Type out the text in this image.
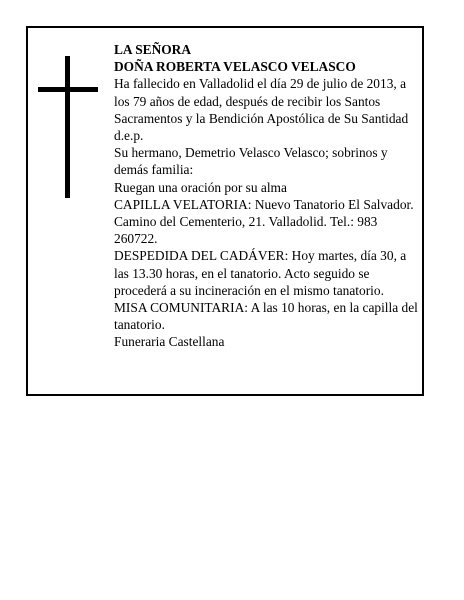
LA SEÑORA

DOÑA ROBERTA VELASCO VELASCO

Ha fallecido en Valladolid el día 29 de julio de 2013, a los 79 años de edad, después de recibir los Santos Sacramentos y la Bendición Apostólica de Su Santidad d.e.p.

Su hermano, Demetrio Velasco Velasco; sobrinos y demás familia:

Ruegan una oración por su alma

CAPILLA VELATORIA: Nuevo Tanatorio El Salvador. Camino del Cementerio, 21. Valladolid. Tel.: 983 260722.

DESPEDIDA DEL CADÁVER: Hoy martes, día 30, a las 13.30 horas, en el tanatorio. Acto seguido se procederá a su incineración en el mismo tanatorio.

MISA COMUNITARIA: A las 10 horas, en la capilla del tanatorio.

Funeraria Castellana
